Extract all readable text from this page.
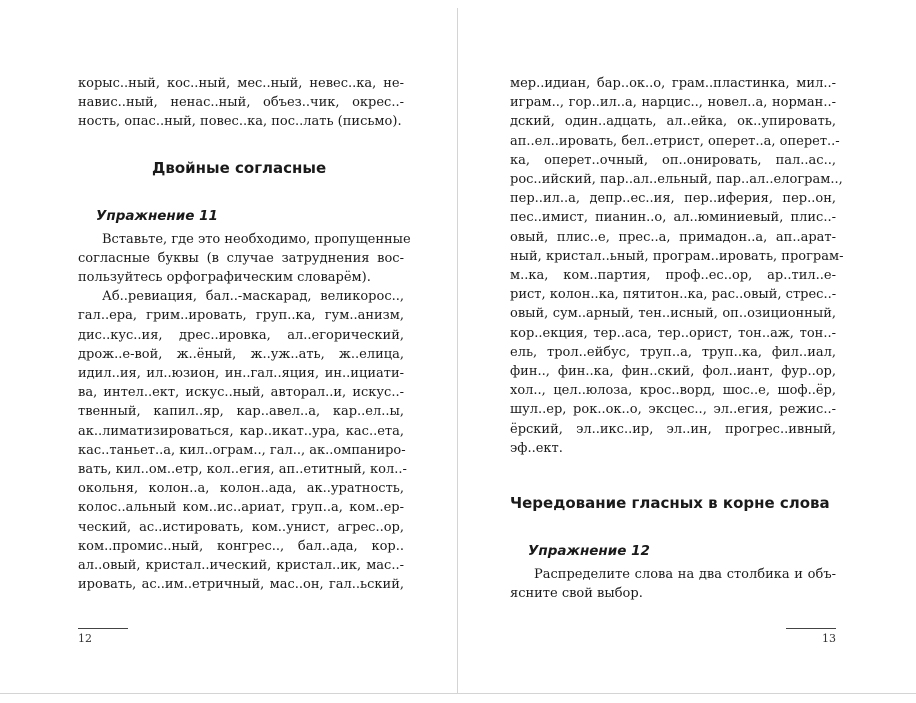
корыс..ный, кос..ный, мес..ный, невес..ка, не-
навис..ный, ненас..ный, объез..чик, окрес..-
ность, опас..ный, повес..ка, пос..лать (письмо).
Двойные согласные
Упражнение 11
Вставьте, где это необходимо, пропущенные
согласные буквы (в случае затруднения вос-
пользуйтесь орфографическим словарём).
Аб..ревиация, бал..-маскарад, великорос..,
гал..ера, грим..ировать, груп..ка, гум..анизм,
дис..кус..ия, дрес..ировка, ал..егорический,
дрож..е-вой, ж..ёный, ж..уж..ать, ж..елица,
идил..ия, ил..юзион, ин..гал..яция, ин..ициати-
ва, интел..ект, искус..ный, авторал..и, искус..-
твенный, капил..яр, кар..авел..а, кар..ел..ы,
ак..лиматизироваться, кар..икат..ура, кас..ета,
кас..таньет..а, кил..ограм.., гал.., ак..омпаниро-
вать, кил..ом..етр, кол..егия, ап..етитный, кол..-
окольня, колон..а, колон..ада, ак..уратность,
колос..альный ком..ис..ариат, груп..а, ком..ер-
ческий, ас..истировать, ком..унист, агрес..ор,
ком..промис..ный, конгрес.., бал..ада, кор..
ал..овый, кристал..ический, кристал..ик, мас..-
ировать, ас..им..етричный, мас..он, гал..ьский,
12
мер..идиан, бар..ок..о, грам..пластинка, мил..-
играм.., гор..ил..а, нарцис.., новел..а, норман..-
дский, один..адцать, ал..ейка, ок..упировать,
ап..ел..ировать, бел..етрист, оперет..а, оперет..-
ка, оперет..очный, оп..онировать, пал..ас..,
рос..ийский, пар..ал..ельный, пар..ал..елограм..,
пер..ил..а, депр..ес..ия, пер..иферия, пер..он,
пес..имист, пианин..о, ал..юминиевый, плис..-
овый, плис..е, прес..а, примадон..а, ап..арат-
ный, кристал..ьный, програм..ировать, програм-
м..ка, ком..партия, проф..ес..ор, ар..тил..е-
рист, колон..ка, пятитон..ка, рас..овый, стрес..-
овый, сум..арный, тен..исный, оп..озиционный,
кор..екция, тер..аса, тер..орист, тон..аж, тон..-
ель, трол..ейбус, труп..а, труп..ка, фил..иал,
фин.., фин..ка, фин..ский, фол..иант, фур..ор,
хол.., цел..юлоза, крос..ворд, шос..е, шоф..ёр,
шул..ер, рок..ок..о, эксцес.., эл..егия, режис..-
ёрский, эл..икс..ир, эл..ин, прогрес..ивный,
эф..ект.
Чередование гласных в корне слова
Упражнение 12
Распределите слова на два столбика и объ-
ясните свой выбор.
13
